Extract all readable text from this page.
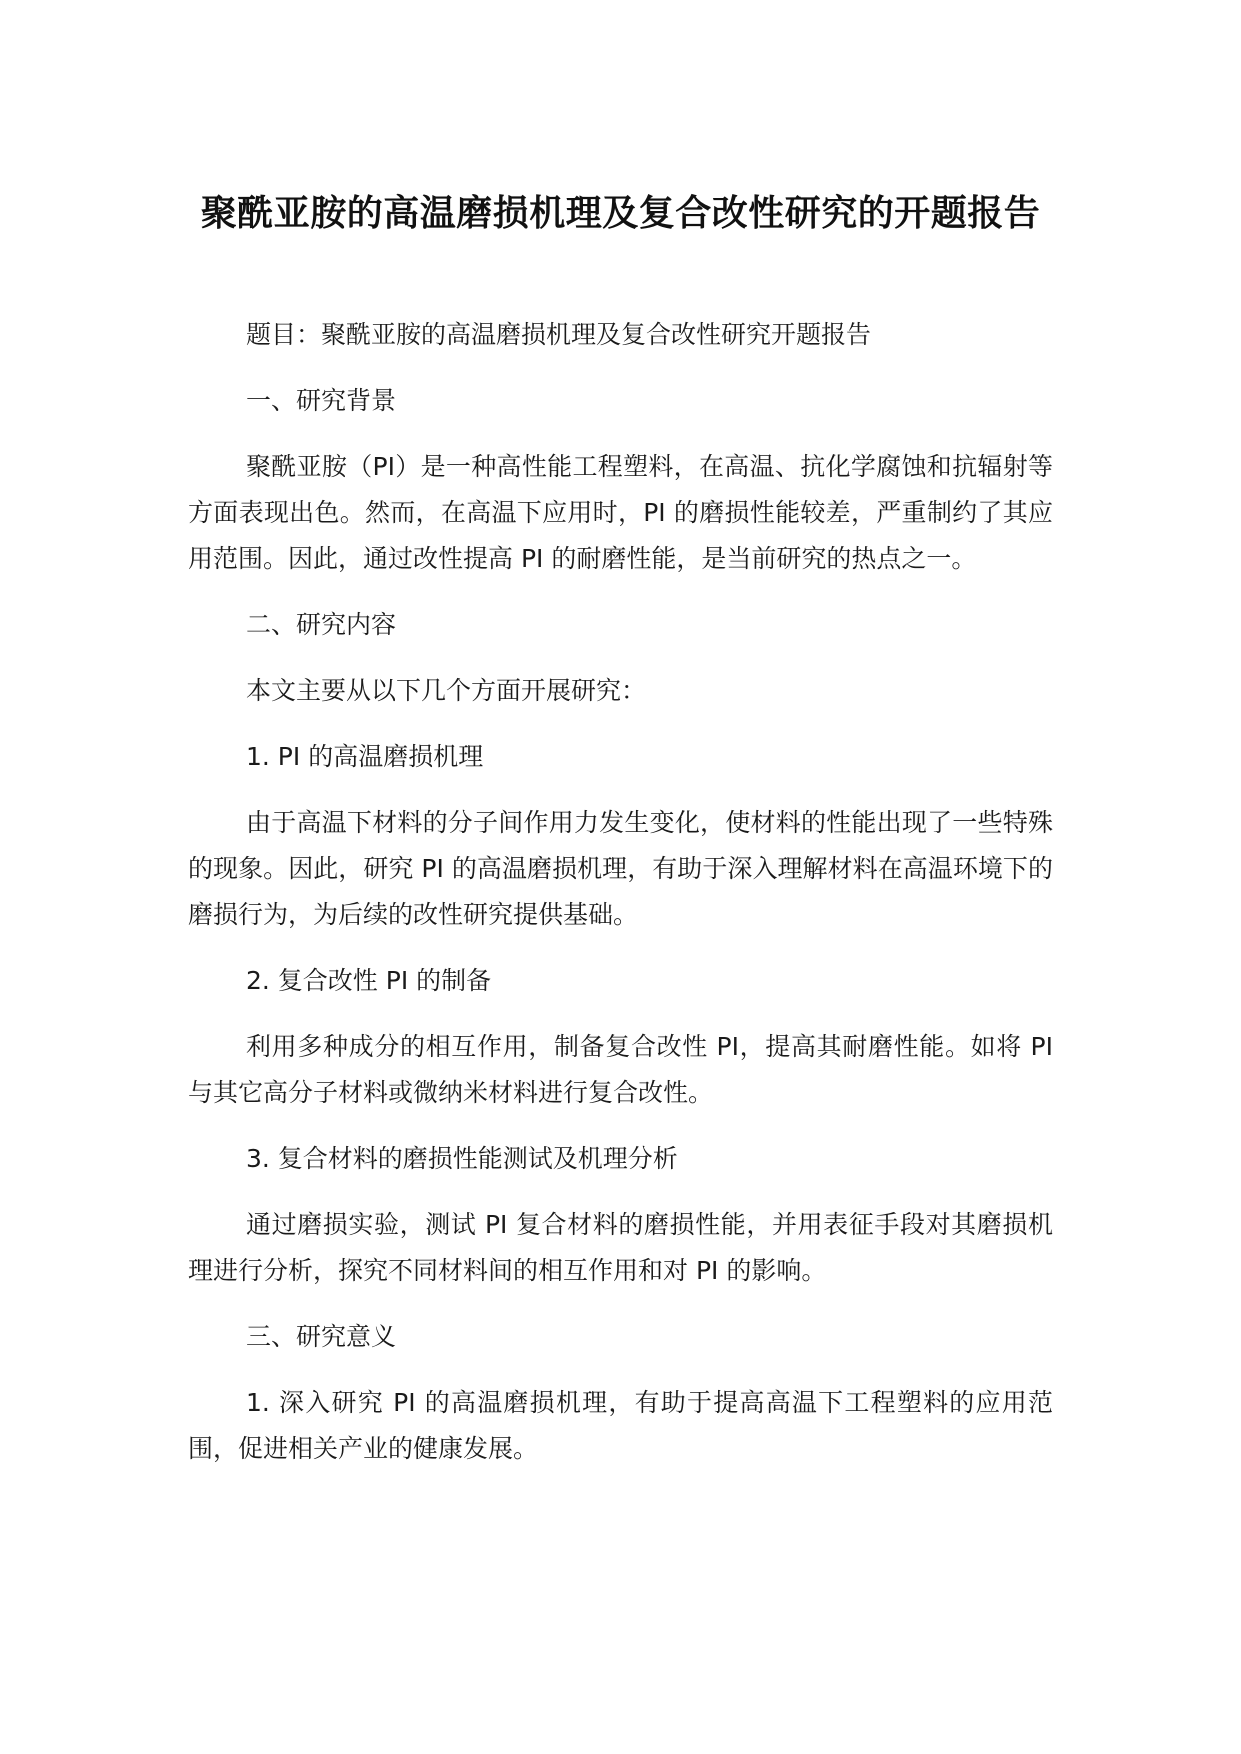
聚酰亚胺的高温磨损机理及复合改性研究的开题报告

题目：聚酰亚胺的高温磨损机理及复合改性研究开题报告

一、研究背景

聚酰亚胺（PI）是一种高性能工程塑料，在高温、抗化学腐蚀和抗辐射等方面表现出色。然而，在高温下应用时，PI 的磨损性能较差，严重制约了其应用范围。因此，通过改性提高 PI 的耐磨性能，是当前研究的热点之一。

二、研究内容

本文主要从以下几个方面开展研究：

1. PI 的高温磨损机理

由于高温下材料的分子间作用力发生变化，使材料的性能出现了一些特殊的现象。因此，研究 PI 的高温磨损机理，有助于深入理解材料在高温环境下的磨损行为，为后续的改性研究提供基础。

2. 复合改性 PI 的制备

利用多种成分的相互作用，制备复合改性 PI，提高其耐磨性能。如将 PI 与其它高分子材料或微纳米材料进行复合改性。

3. 复合材料的磨损性能测试及机理分析

通过磨损实验，测试 PI 复合材料的磨损性能，并用表征手段对其磨损机理进行分析，探究不同材料间的相互作用和对 PI 的影响。

三、研究意义

1. 深入研究 PI 的高温磨损机理，有助于提高高温下工程塑料的应用范围，促进相关产业的健康发展。
